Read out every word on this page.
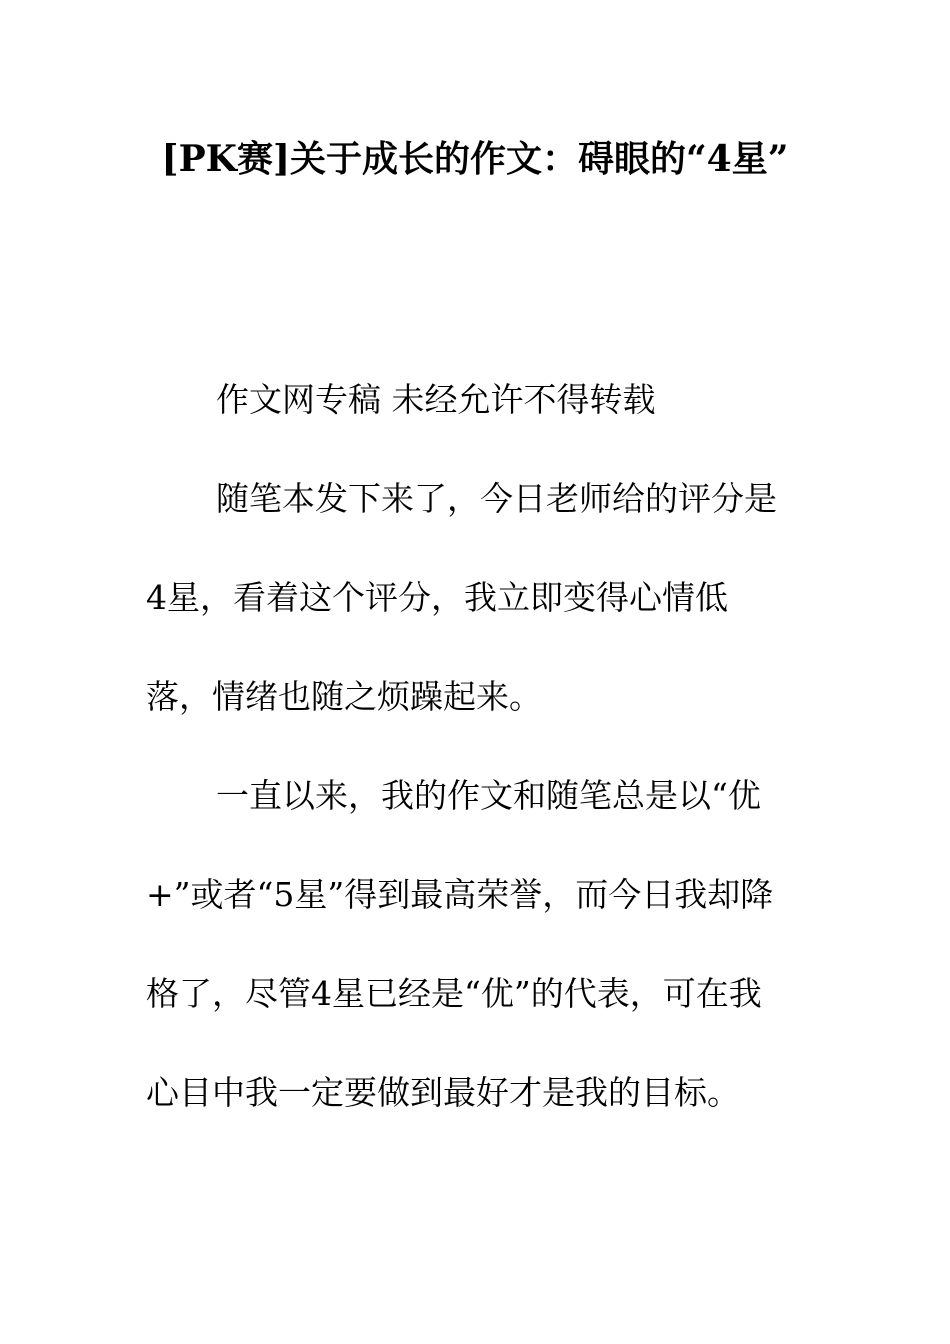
[PK赛]关于成长的作文：碍眼的“4星”

作文网专稿 未经允许不得转载

随笔本发下来了，今日老师给的评分是4星，看着这个评分，我立即变得心情低落，情绪也随之烦躁起来。

一直以来，我的作文和随笔总是以“优+”或者“5星”得到最高荣誉，而今日我却降格了，尽管4星已经是“优”的代表，可在我心目中我一定要做到最好才是我的目标。
